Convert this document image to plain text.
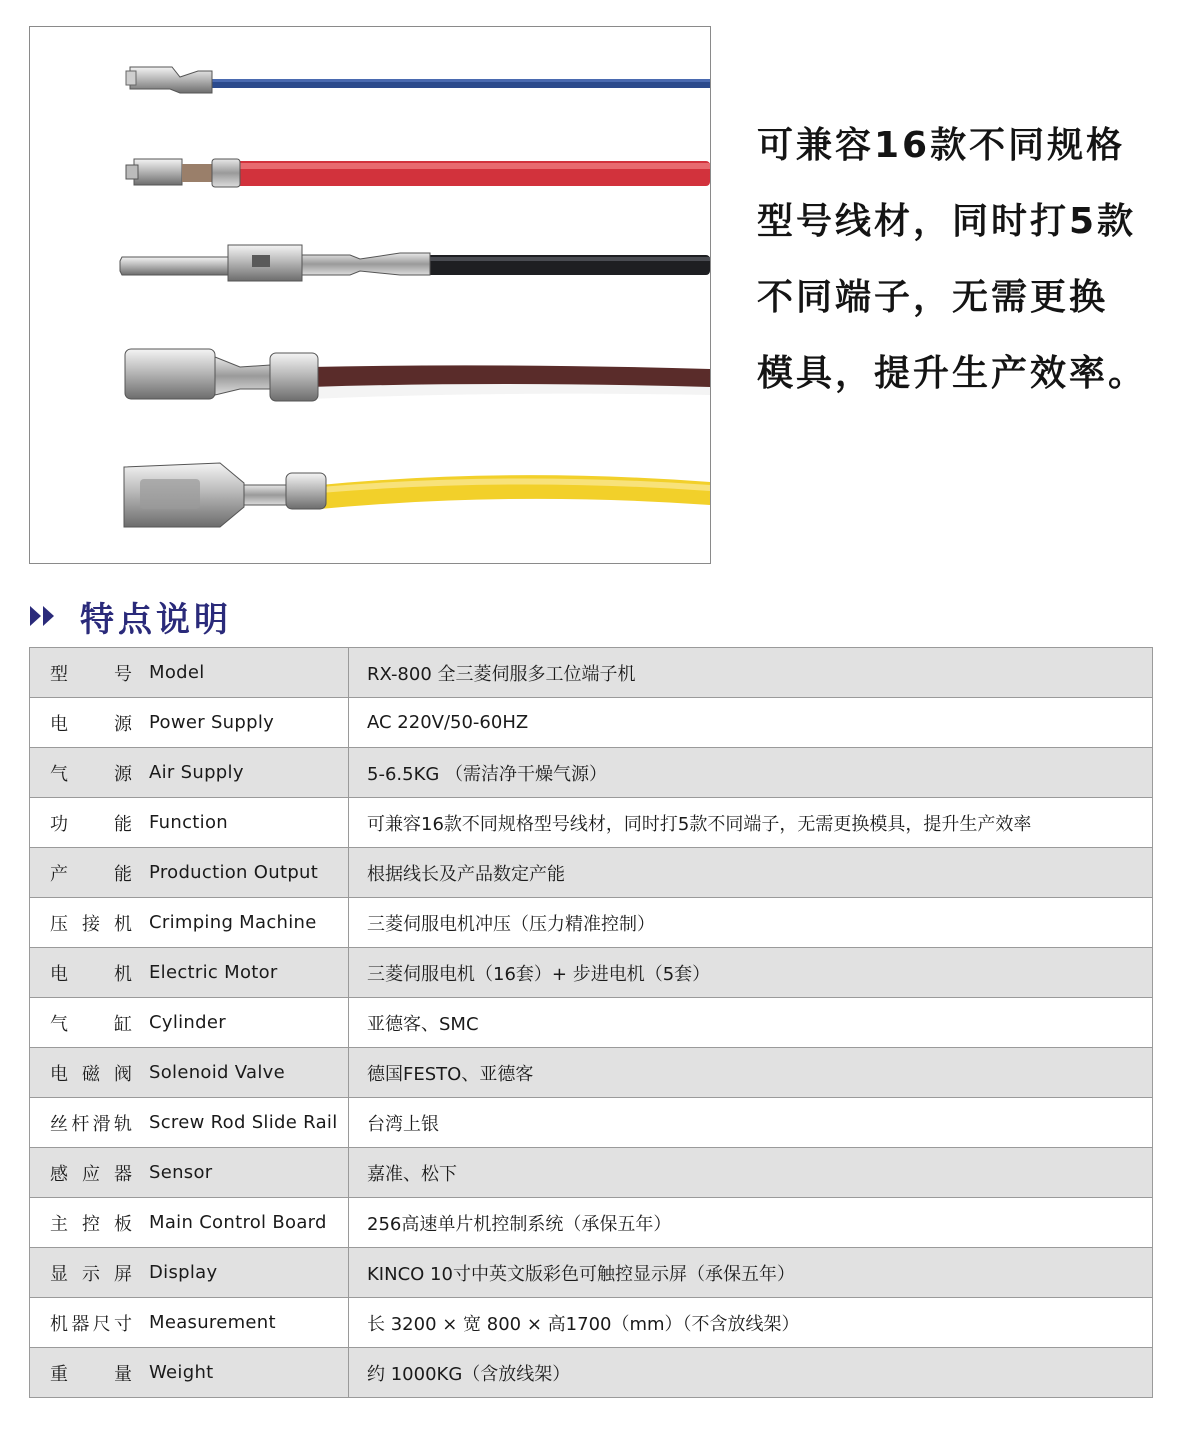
可兼容16款不同规格
型号线材，同时打5款
不同端子，无需更换
模具，提升生产效率。
特点说明
型号 Model	RX-800 全三菱伺服多工位端子机
电源 Power Supply	AC 220V/50-60HZ
气源 Air Supply	5-6.5KG （需洁净干燥气源）
功能 Function	可兼容16款不同规格型号线材，同时打5款不同端子，无需更换模具，提升生产效率
产能 Production Output	根据线长及产品数定产能
压接机 Crimping Machine	三菱伺服电机冲压（压力精准控制）
电机 Electric Motor	三菱伺服电机（16套）+ 步进电机（5套）
气缸 Cylinder	亚德客、SMC
电磁阀 Solenoid Valve	德国FESTO、亚德客
丝杆滑轨 Screw Rod Slide Rail	台湾上银
感应器 Sensor	嘉准、松下
主控板 Main Control Board	256高速单片机控制系统（承保五年）
显示屏 Display	KINCO 10寸中英文版彩色可触控显示屏（承保五年）
机器尺寸 Measurement	长 3200 × 宽 800 × 高1700（mm）（不含放线架）
重量 Weight	约 1000KG（含放线架）
